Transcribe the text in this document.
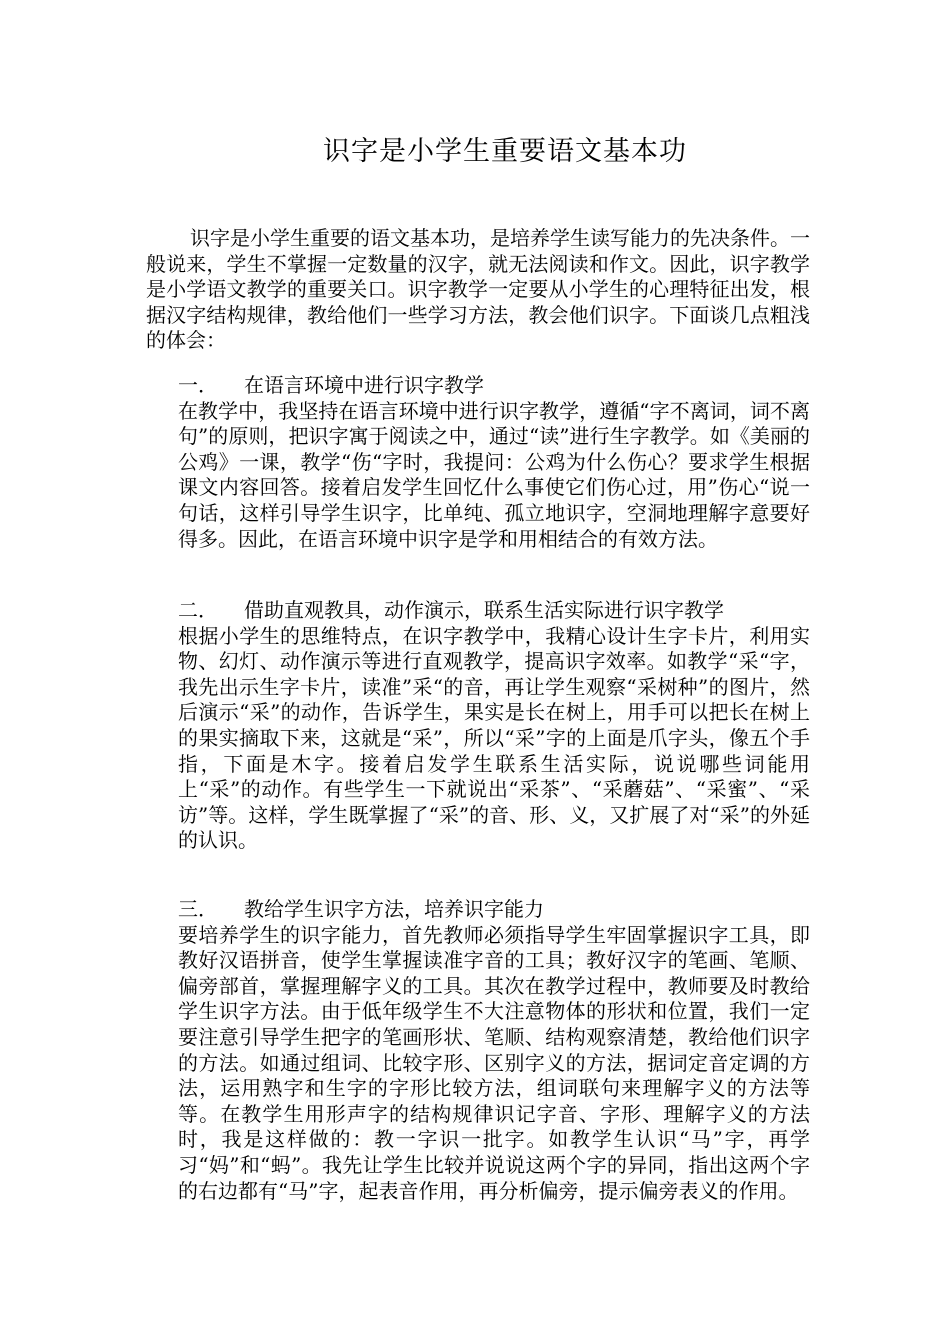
识字是小学生重要语文基本功
识字是小学生重要的语文基本功，是培养学生读写能力的先决条件。一般说来，学生不掌握一定数量的汉字，就无法阅读和作文。因此，识字教学是小学语文教学的重要关口。识字教学一定要从小学生的心理特征出发，根据汉字结构规律，教给他们一些学习方法，教会他们识字。下面谈几点粗浅的体会：
一．	在语言环境中进行识字教学
在教学中，我坚持在语言环境中进行识字教学，遵循“字不离词，词不离句”的原则，把识字寓于阅读之中，通过“读”进行生字教学。如《美丽的公鸡》一课，教学“伤“字时，我提问：公鸡为什么伤心？要求学生根据课文内容回答。接着启发学生回忆什么事使它们伤心过，用”伤心“说一句话，这样引导学生识字，比单纯、孤立地识字，空洞地理解字意要好得多。因此，在语言环境中识字是学和用相结合的有效方法。
二．	借助直观教具，动作演示，联系生活实际进行识字教学
根据小学生的思维特点，在识字教学中，我精心设计生字卡片，利用实物、幻灯、动作演示等进行直观教学，提高识字效率。如教学“采“字，我先出示生字卡片，读准”采“的音，再让学生观察“采树种”的图片，然后演示“采”的动作，告诉学生，果实是长在树上，用手可以把长在树上的果实摘取下来，这就是“采”，所以“采”字的上面是爪字头，像五个手指，下面是木字。接着启发学生联系生活实际，说说哪些词能用上“采”的动作。有些学生一下就说出“采茶”、“采蘑菇”、“采蜜”、“采访”等。这样，学生既掌握了“采”的音、形、义，又扩展了对“采”的外延的认识。
三．	教给学生识字方法，培养识字能力
要培养学生的识字能力，首先教师必须指导学生牢固掌握识字工具，即教好汉语拼音，使学生掌握读准字音的工具；教好汉字的笔画、笔顺、偏旁部首，掌握理解字义的工具。其次在教学过程中，教师要及时教给学生识字方法。由于低年级学生不大注意物体的形状和位置，我们一定要注意引导学生把字的笔画形状、笔顺、结构观察清楚，教给他们识字的方法。如通过组词、比较字形、区别字义的方法，据词定音定调的方法，运用熟字和生字的字形比较方法，组词联句来理解字义的方法等等。在教学生用形声字的结构规律识记字音、字形、理解字义的方法时，我是这样做的：教一字识一批字。如教学生认识“马”字，再学习“妈”和“蚂”。我先让学生比较并说说这两个字的异同，指出这两个字的右边都有“马”字，起表音作用，再分析偏旁，提示偏旁表义的作用。
